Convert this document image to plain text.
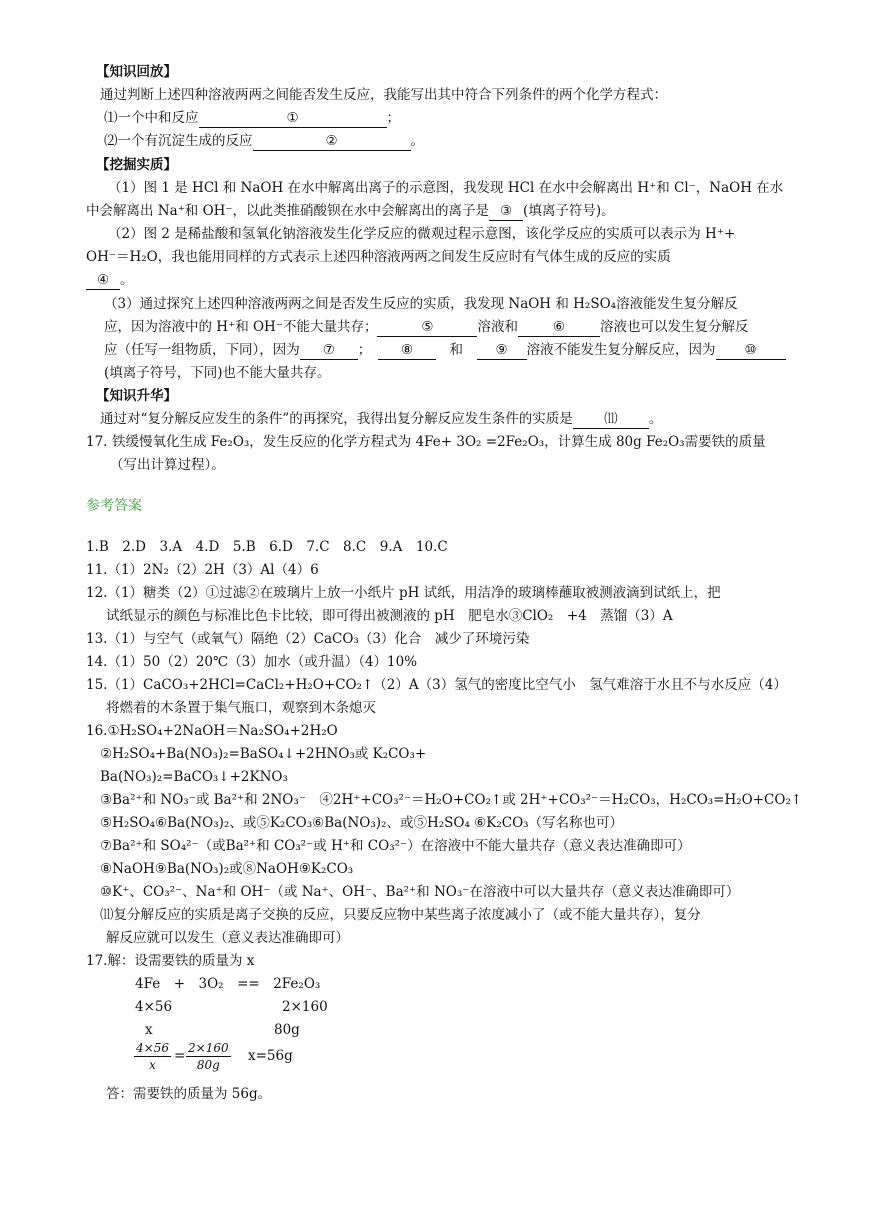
【知识回放】
通过判断上述四种溶液两两之间能否发生反应，我能写出其中符合下列条件的两个化学方程式：
⑴一个中和反应	①	；
⑵一个有沉淀生成的反应	②	。
【挖掘实质】
（1）图 1 是 HCl 和 NaOH 在水中解离出离子的示意图，我发现 HCl 在水中会解离出 H⁺和 Cl⁻，NaOH 在水
中会解离出 Na⁺和 OH⁻，以此类推硝酸钡在水中会解离出的离子是 ③ (填离子符号)。
（2）图 2 是稀盐酸和氢氧化钠溶液发生化学反应的微观过程示意图，该化学反应的实质可以表示为 H⁺+
OH⁻＝H₂O，我也能用同样的方式表示上述四种溶液两两之间发生反应时有气体生成的反应的实质
④ 。
（3）通过探究上述四种溶液两两之间是否发生反应的实质，我发现 NaOH 和 H₂SO₄溶液能发生复分解反
应，因为溶液中的 H⁺和 OH⁻不能大量共存；	⑤	溶液和	⑥	溶液也可以发生复分解反
应（任写一组物质，下同），因为 ⑦ ；　	⑧　	和　 ⑨ 溶液不能发生复分解反应，因为 ⑩
(填离子符号，下同)也不能大量共存。
【知识升华】
通过对“复分解反应发生的条件”的再探究，我得出复分解反应发生条件的实质是 ⑾ 。
17. 铁缓慢氧化生成 Fe₂O₃，发生反应的化学方程式为 4Fe+ 3O₂ =2Fe₂O₃，计算生成 80g Fe₂O₃需要铁的质量
（写出计算过程）。
参考答案
1.B　2.D　3.A　4.D　5.B　6.D　7.C　8.C　9.A　10.C
11.（1）2N₂（2）2H（3）Al（4）6
12.（1）糖类（2）①过滤②在玻璃片上放一小纸片 pH 试纸，用洁净的玻璃棒蘸取被测液滴到试纸上，把
试纸显示的颜色与标准比色卡比较，即可得出被测液的 pH　肥皂水③ClO₂　+4　蒸馏（3）A
13.（1）与空气（或氧气）隔绝（2）CaCO₃（3）化合　减少了环境污染
14.（1）50（2）20℃（3）加水（或升温）（4）10%
15.（1）CaCO₃+2HCl=CaCl₂+H₂O+CO₂↑（2）A（3）氢气的密度比空气小　氢气难溶于水且不与水反应（4）
将燃着的木条置于集气瓶口，观察到木条熄灭
16.①H₂SO₄+2NaOH＝Na₂SO₄+2H₂O
②H₂SO₄+Ba(NO₃)₂=BaSO₄↓+2HNO₃或 K₂CO₃+
Ba(NO₃)₂=BaCO₃↓+2KNO₃
③Ba²⁺和 NO₃⁻或 Ba²⁺和 2NO₃⁻　④2H⁺+CO₃²⁻＝H₂O+CO₂↑或 2H⁺+CO₃²⁻＝H₂CO₃，H₂CO₃=H₂O+CO₂↑
⑤H₂SO₄⑥Ba(NO₃)₂、或⑤K₂CO₃⑥Ba(NO₃)₂、或⑤H₂SO₄ ⑥K₂CO₃（写名称也可）
⑦Ba²⁺和 SO₄²⁻（或Ba²⁺和 CO₃²⁻或 H⁺和 CO₃²⁻）在溶液中不能大量共存（意义表达准确即可）
⑧NaOH⑨Ba(NO₃)₂或⑧NaOH⑨K₂CO₃
⑩K⁺、CO₃²⁻、Na⁺和 OH⁻（或 Na⁺、OH⁻、Ba²⁺和 NO₃⁻在溶液中可以大量共存（意义表达准确即可）
⑾复分解反应的实质是离子交换的反应，只要反应物中某些离子浓度减小了（或不能大量共存），复分
解反应就可以发生（意义表达准确即可）
17.解：设需要铁的质量为 x
4Fe　+　3O₂　==　2Fe₂O₃
4×56	2×160
x	80g
$\frac{4\times 56}{x} = \frac{2\times 160}{80g} x=56g$
答：需要铁的质量为 56g。
